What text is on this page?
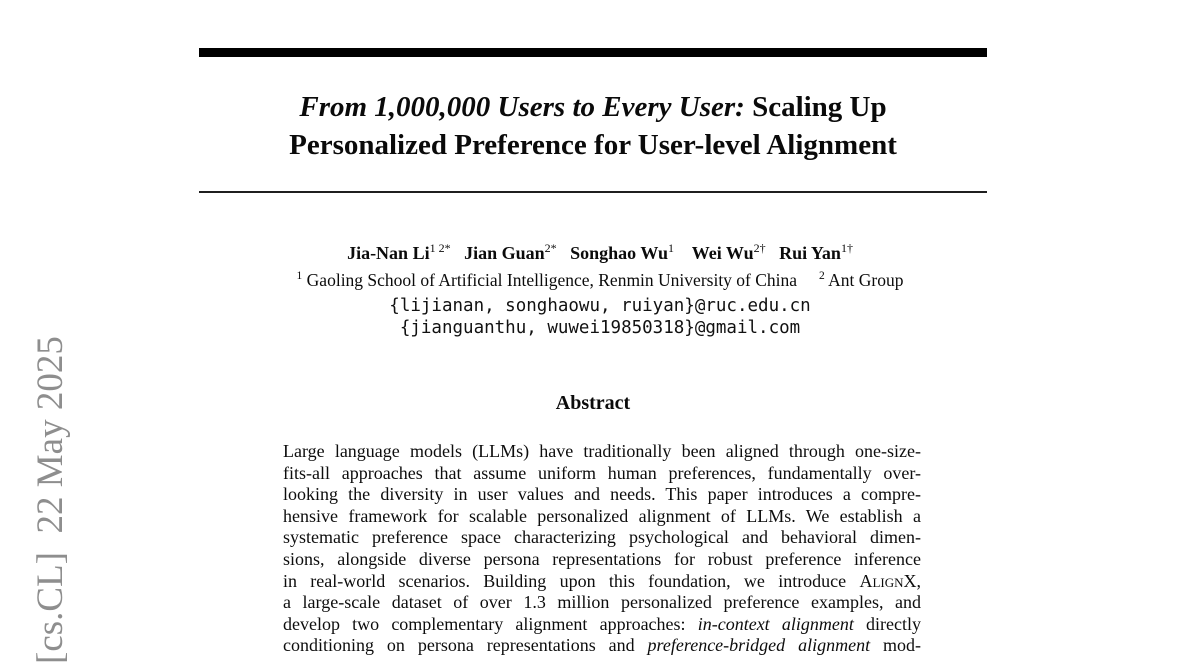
[cs.CL]  22 May 2025
From 1,000,000 Users to Every User: Scaling Up
Personalized Preference for User-level Alignment
Jia-Nan $Li^{1 2*}$ Jian Guan$^{2*}$ Songhao Wu$^1$ Wei $Wu^{2\dagger}$ Rui Yan$^{1\dagger}$
$^1$ Gaoling School of Artificial Intelligence, Renmin University of China $^2$ Ant Group
{lijianan, songhaowu, ruiyan}@ruc.edu.cn
{jianguanthu, wuwei19850318}@gmail.com
Abstract
Large language models (LLMs) have traditionally been aligned through one-size-
fits-all approaches that assume uniform human preferences, fundamentally over-
looking the diversity in user values and needs. This paper introduces a compre-
hensive framework for scalable personalized alignment of LLMs. We establish a
systematic preference space characterizing psychological and behavioral dimen-
sions, alongside diverse persona representations for robust preference inference
in real-world scenarios. Building upon this foundation, we introduce AlignX,
a large-scale dataset of over 1.3 million personalized preference examples, and
develop two complementary alignment approaches: in-context alignment directly
conditioning on persona representations and preference-bridged alignment mod-
